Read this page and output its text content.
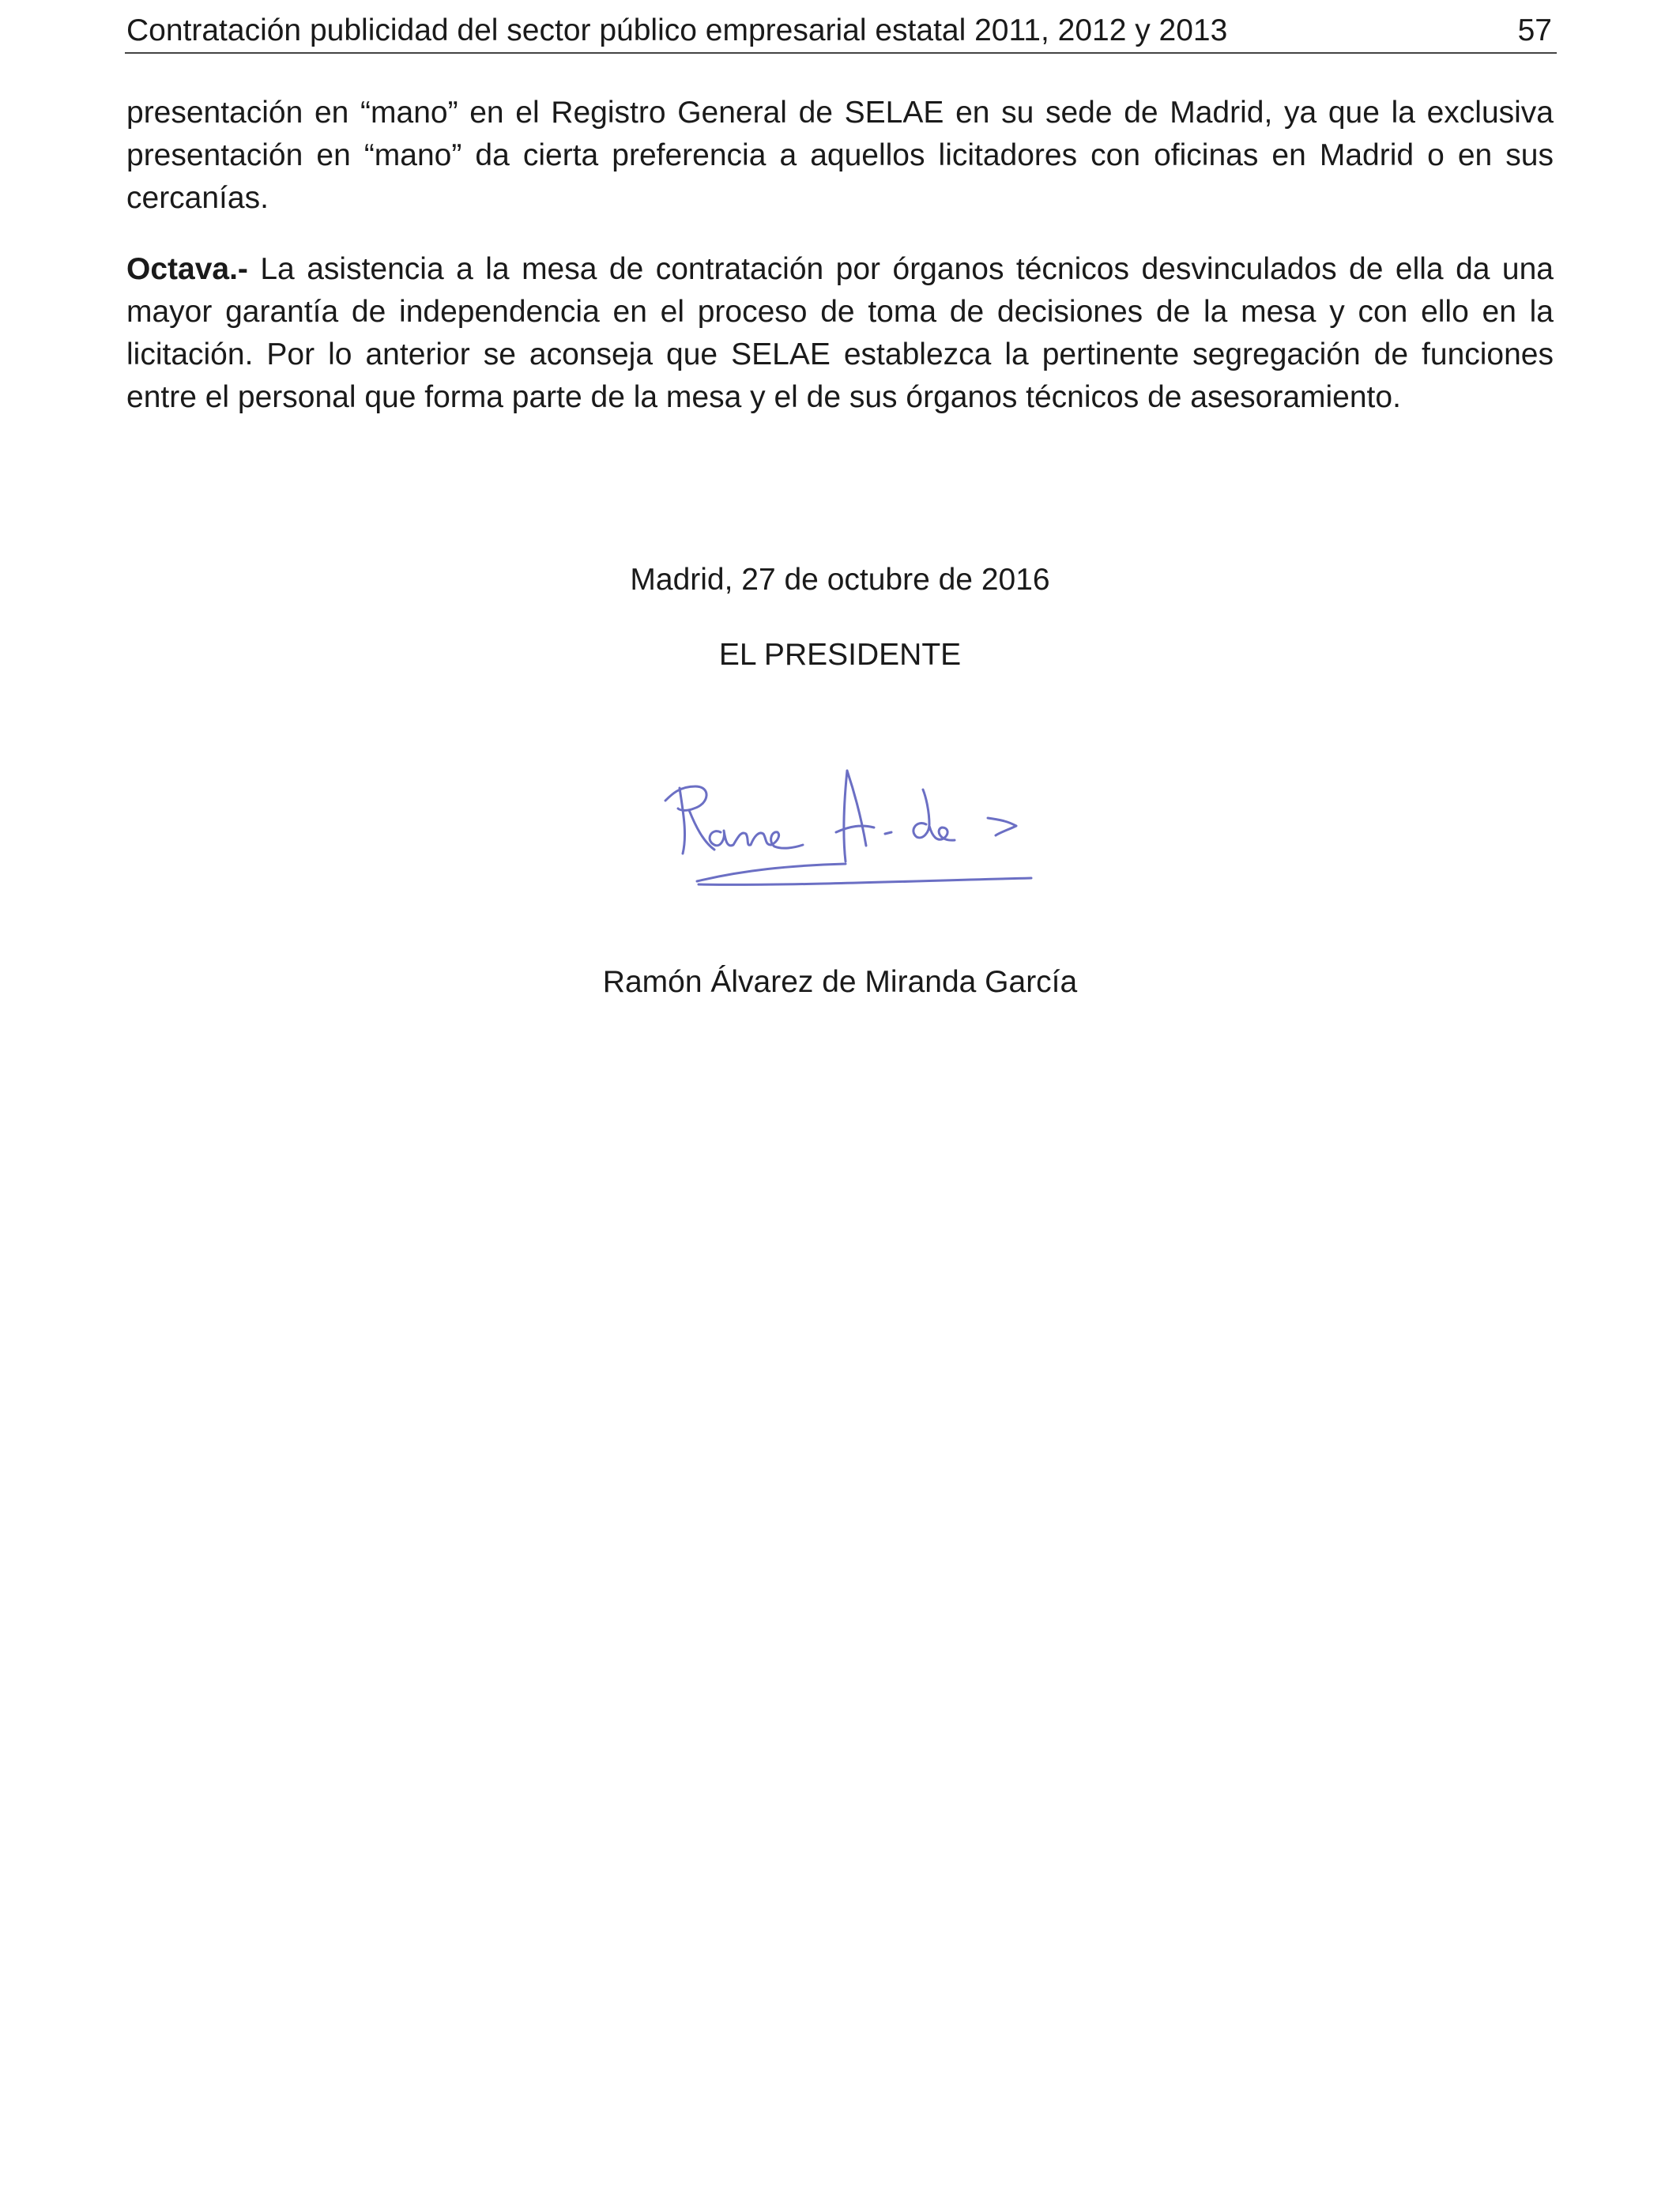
Contratación publicidad del sector público empresarial estatal 2011, 2012 y 2013	57

presentación en “mano” en el Registro General de SELAE en su sede de Madrid, ya que la exclusiva presentación en “mano” da cierta preferencia a aquellos licitadores con oficinas en Madrid o en sus cercanías.

Octava.- La asistencia a la mesa de contratación por órganos técnicos desvinculados de ella da una mayor garantía de independencia en el proceso de toma de decisiones de la mesa y con ello en la licitación. Por lo anterior se aconseja que SELAE establezca la pertinente segregación de funciones entre el personal que forma parte de la mesa y el de sus órganos técnicos de asesoramiento.

Madrid, 27 de octubre de 2016
EL PRESIDENTE
Ramón Álvarez de Miranda García
